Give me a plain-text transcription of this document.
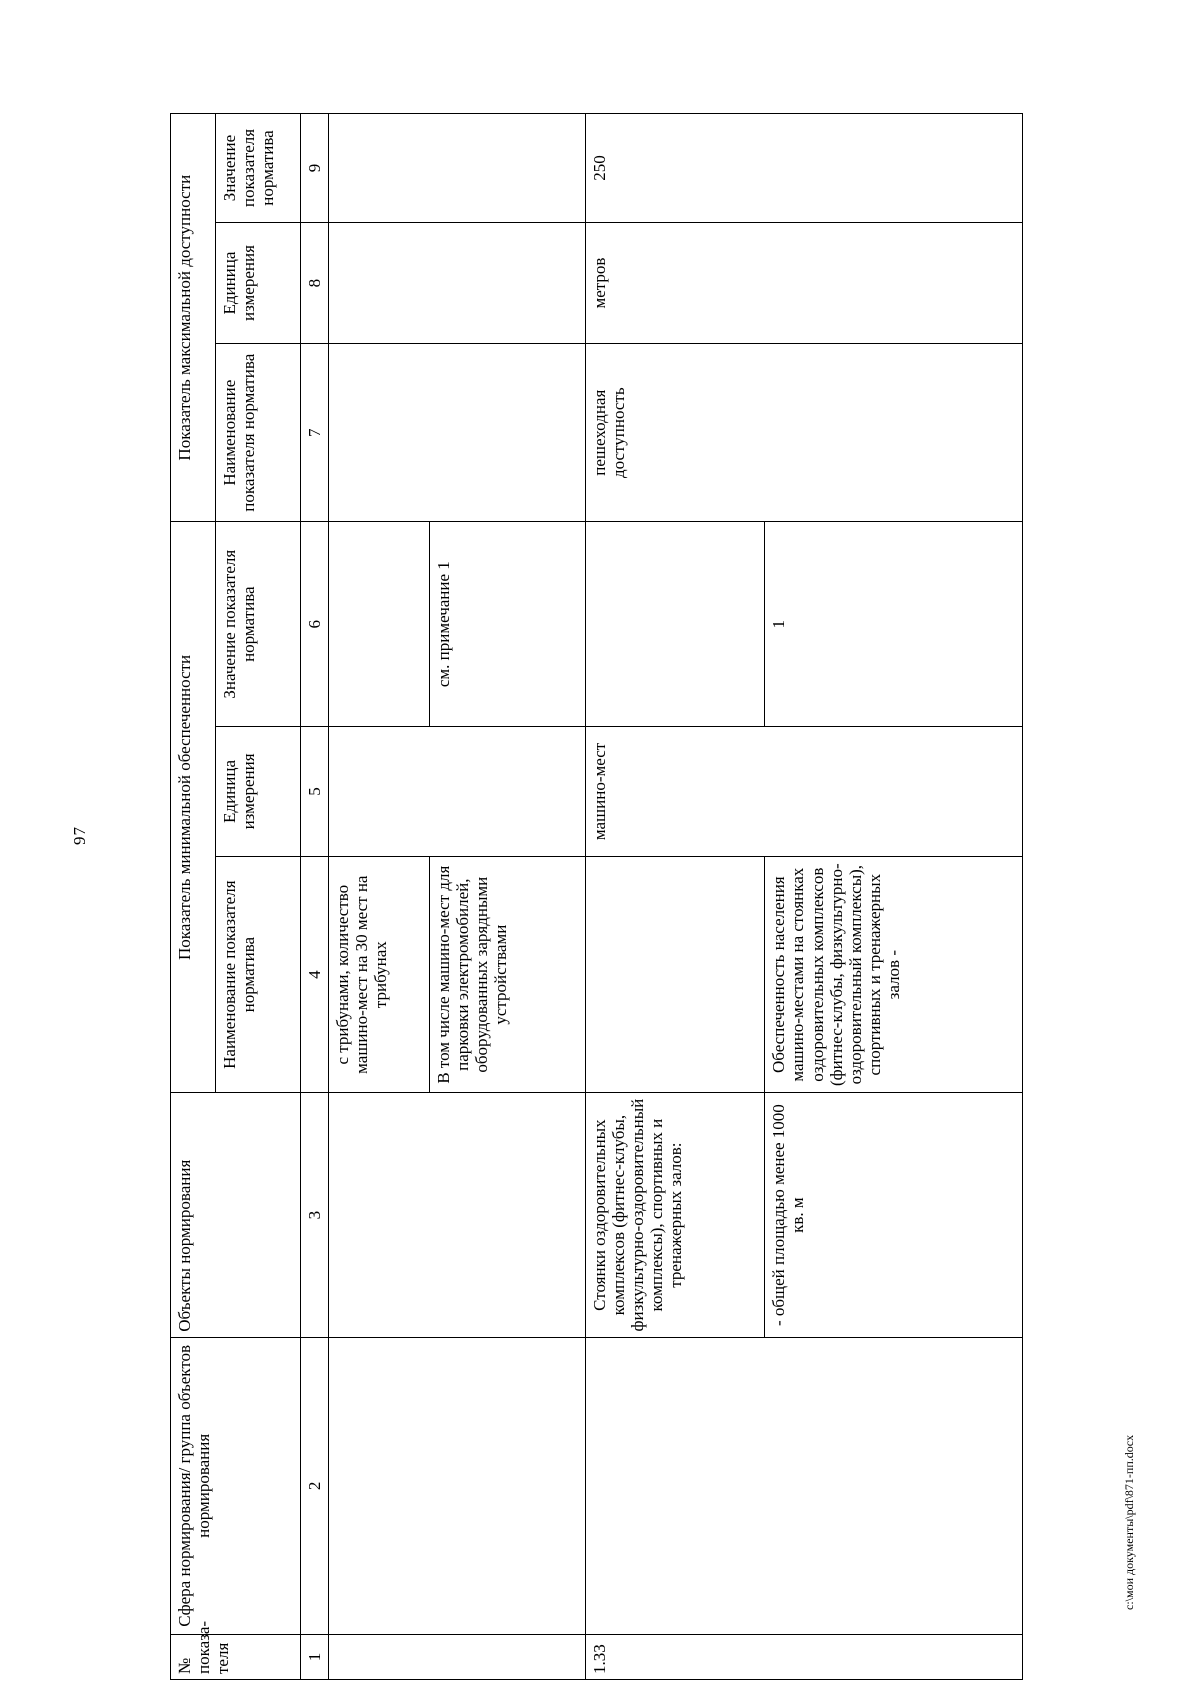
97
№ показа-теля	Сфера нормирования/ группа объектов нормирования	Объекты нормирования	Показатель минимальной обеспеченности			Показатель максимальной доступности		
			Наименование показателя норматива	Единица измерения	Значение показателя норматива	Наименование показателя норматива	Единица измерения	Значение показателя норматива
1	2	3	4	5	6	7	8	9
			с трибунами, количество машино-мест на 30 мест на трибунах					
			В том числе машино-мест для парковки электромобилей, оборудованных зарядными устройствами		см. примечание 1			
1.33		Стоянки оздоровительных комплексов (фитнес-клубы, физкультурно-оздоровительный комплексы), спортивных и тренажерных залов:		машино-мест		пешеходная доступность	метров	250
		- общей площадью менее 1000 кв. м	Обеспеченность населения машино-местами на стоянках оздоровительных комплексов (фитнес-клубы, физкультурно-оздоровительный комплексы), спортивных и тренажерных залов -		1			
c:\мои документы\pdf\871-пп.docx
